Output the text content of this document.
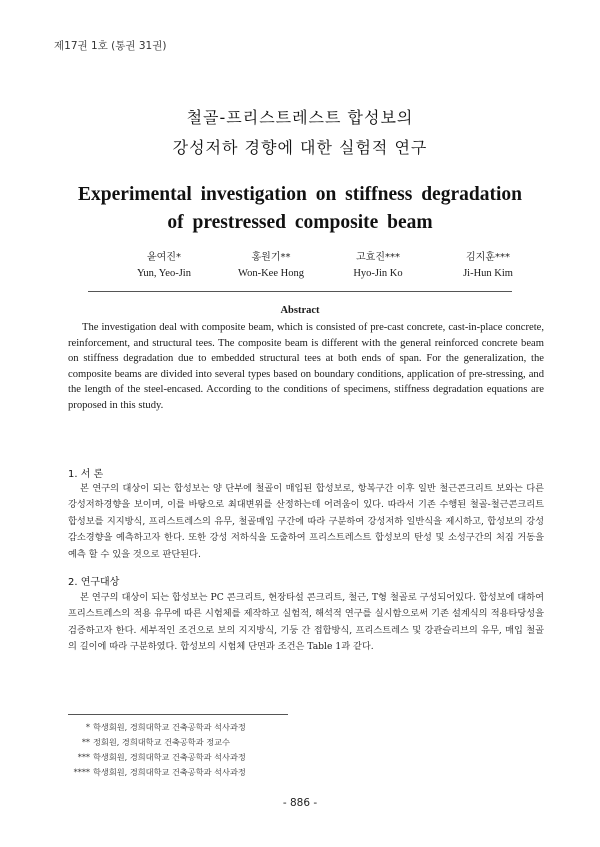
제17권 1호 (통권 31권)
철골-프리스트레스트 합성보의
강성저하 경향에 대한 실험적 연구
Experimental investigation on stiffness degradation
of prestressed composite beam
윤여진*
Yun, Yeo-Jin
홍원기**
Won-Kee Hong
고효진***
Hyo-Jin Ko
김지훈***
Ji-Hun Kim
Abstract

The investigation deal with composite beam, which is consisted of pre-cast concrete, cast-in-place concrete, reinforcement, and structural tees. The composite beam is different with the general reinforced concrete beam on stiffness degradation due to embedded structural tees at both ends of span. For the generalization, the composite beams are divided into several types based on boundary conditions, application of pre-stressing, and the length of the steel-encased. According to the conditions of specimens, stiffness degradation equations are proposed in this study.

1. 서 론

본 연구의 대상이 되는 합성보는 양 단부에 철골이 매입된 합성보로, 항복구간 이후 일반 철근콘크리트 보와는 다른 강성저하경향을 보이며, 이를 바탕으로 최대변위를 산정하는데 어려움이 있다. 따라서 기존 수행된 철골-철근콘크리트 합성보를 지지방식, 프리스트레스의 유무, 철골매입 구간에 따라 구분하여 강성저하 일반식을 제시하고, 합성보의 강성감소경향을 예측하고자 한다. 또한 강성 저하식을 도출하여 프리스트레스트 합성보의 탄성 및 소성구간의 처짐 거동을 예측 할 수 있을 것으로 판단된다.

2. 연구대상

본 연구의 대상이 되는 합성보는 PC 콘크리트, 현장타설 콘크리트, 철근, T형 철골로 구성되어있다. 합성보에 대하여 프리스트레스의 적용 유무에 따른 시험체를 제작하고 실험적, 해석적 연구를 실시함으로써 기존 설계식의 적용타당성을 검증하고자 한다. 세부적인 조건으로 보의 지지방식, 기둥 간 접합방식, 프리스트레스 및 강관슬리브의 유무, 매입 철골의 길이에 따라 구분하였다. 합성보의 시험체 단면과 조건은 Table 1과 같다.

* 학생회원, 경희대학교 건축공학과 석사과정
** 정회원, 경희대학교 건축공학과 정교수
*** 학생회원, 경희대학교 건축공학과 석사과정
**** 학생회원, 경희대학교 건축공학과 석사과정
- 886 -
